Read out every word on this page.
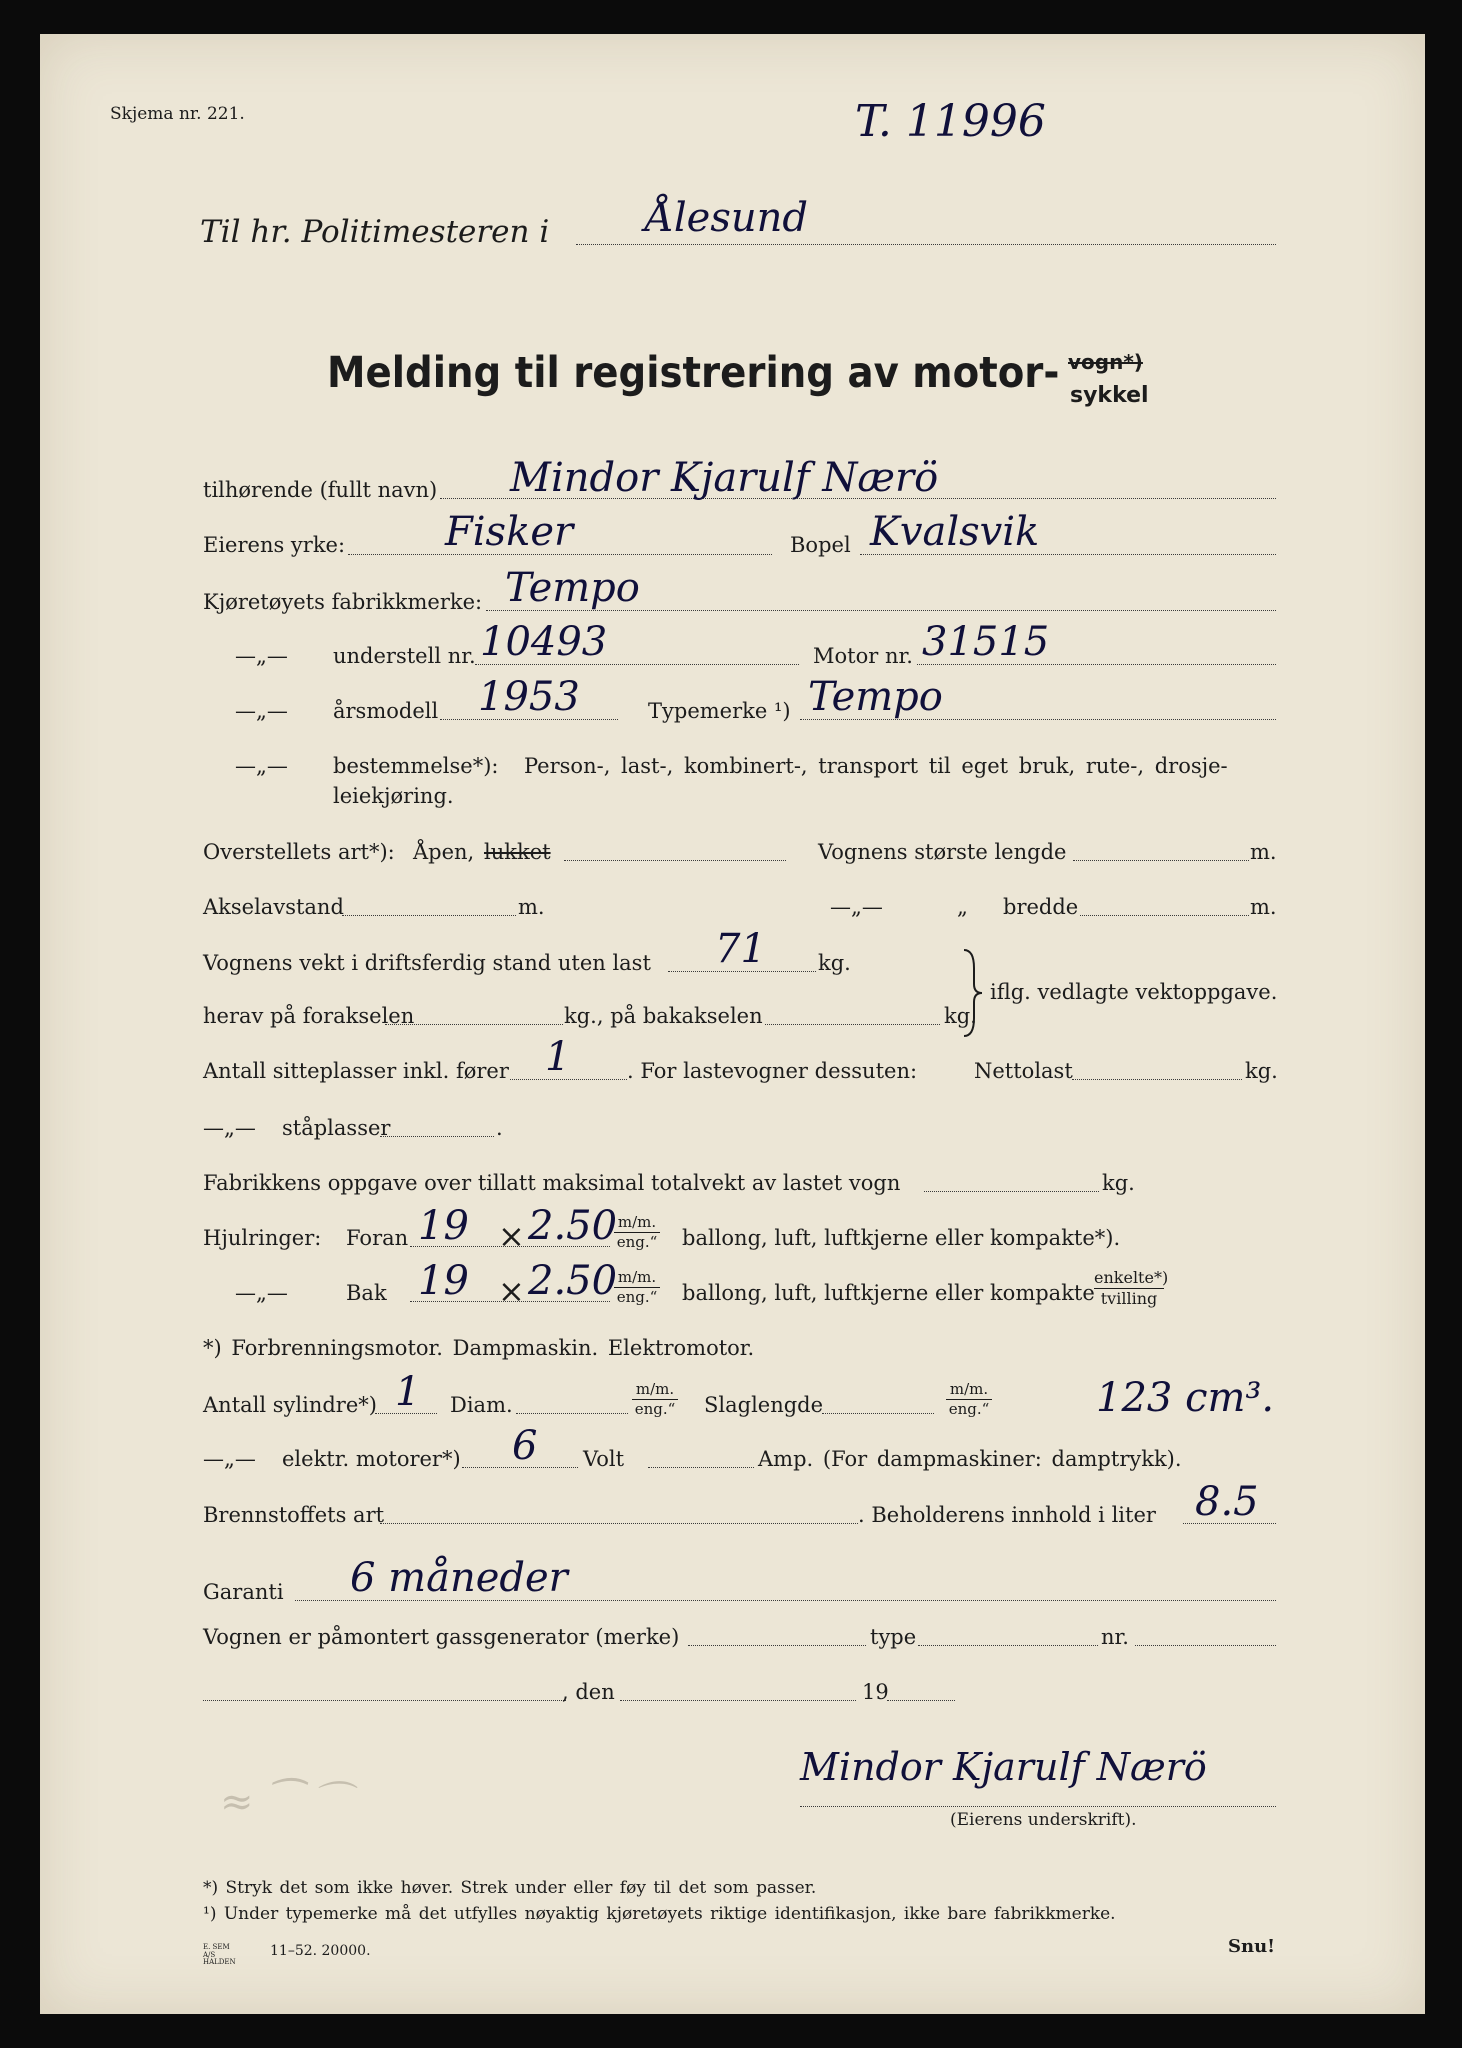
Skjema nr. 221.	T. 11996
Til hr. Politimesteren i Ålesund
Melding til registrering av motor- vogn*)
sykkel
tilhørende (fullt navn) Mindor Kjarulf Nærö
Eierens yrke: Fisker	Bopel Kvalsvik
Kjøretøyets fabrikkmerke: Tempo
—„— understell nr. 10493	Motor nr. 31515
—„— årsmodell 1953	Typemerke ¹) Tempo
—„— bestemmelse*): Person-, last-, kombinert-, transport til eget bruk, rute-, drosje-
leiekjøring.
Overstellets art*): Åpen, lukket	Vognens største lengde	m.
Akselavstand	m.	—„—	„ bredde	m.
Vognens vekt i driftsferdig stand uten last 71 kg.
herav på forakselen	kg., på bakakselen	kg.
iflg. vedlagte vektoppgave.
Antall sitteplasser inkl. fører 1	. For lastevogner dessuten:	Nettolast	kg.
—„— ståplasser	.
Fabrikkens oppgave over tillatt maksimal totalvekt av lastet vogn	kg.
Hjulringer: Foran 19 × 2.50 m/m.
eng.“ ballong, luft, luftkjerne eller kompakte*).
—„—	Bak 19 × 2.50 m/m.
eng.“ ballong, luft, luftkjerne eller kompakte
enkelte*)
tvilling
*) Forbrenningsmotor. Dampmaskin. Elektromotor.
Antall sylindre*) 1 Diam.
m/m.
eng.“ Slaglengde
m/m.
eng.“	123 cm³.
—„— elektr. motorer*) 6 Volt	Amp. (For dampmaskiner: damptrykk).
Brennstoffets art	. Beholderens innhold i liter 8.5
Garanti 6 måneder
Vognen er påmontert gassgenerator (merke)	type	nr.
, den	19
Mindor Kjarulf Nærö
(Eierens underskrift).
≈ ⁀ ⌒
*) Stryk det som ikke høver. Strek under eller føy til det som passer.
¹) Under typemerke må det utfylles nøyaktig kjøretøyets riktige identifikasjon, ikke bare fabrikkmerke.
E. SEM A/S HALDEN
11–52. 20000.	Snu!
